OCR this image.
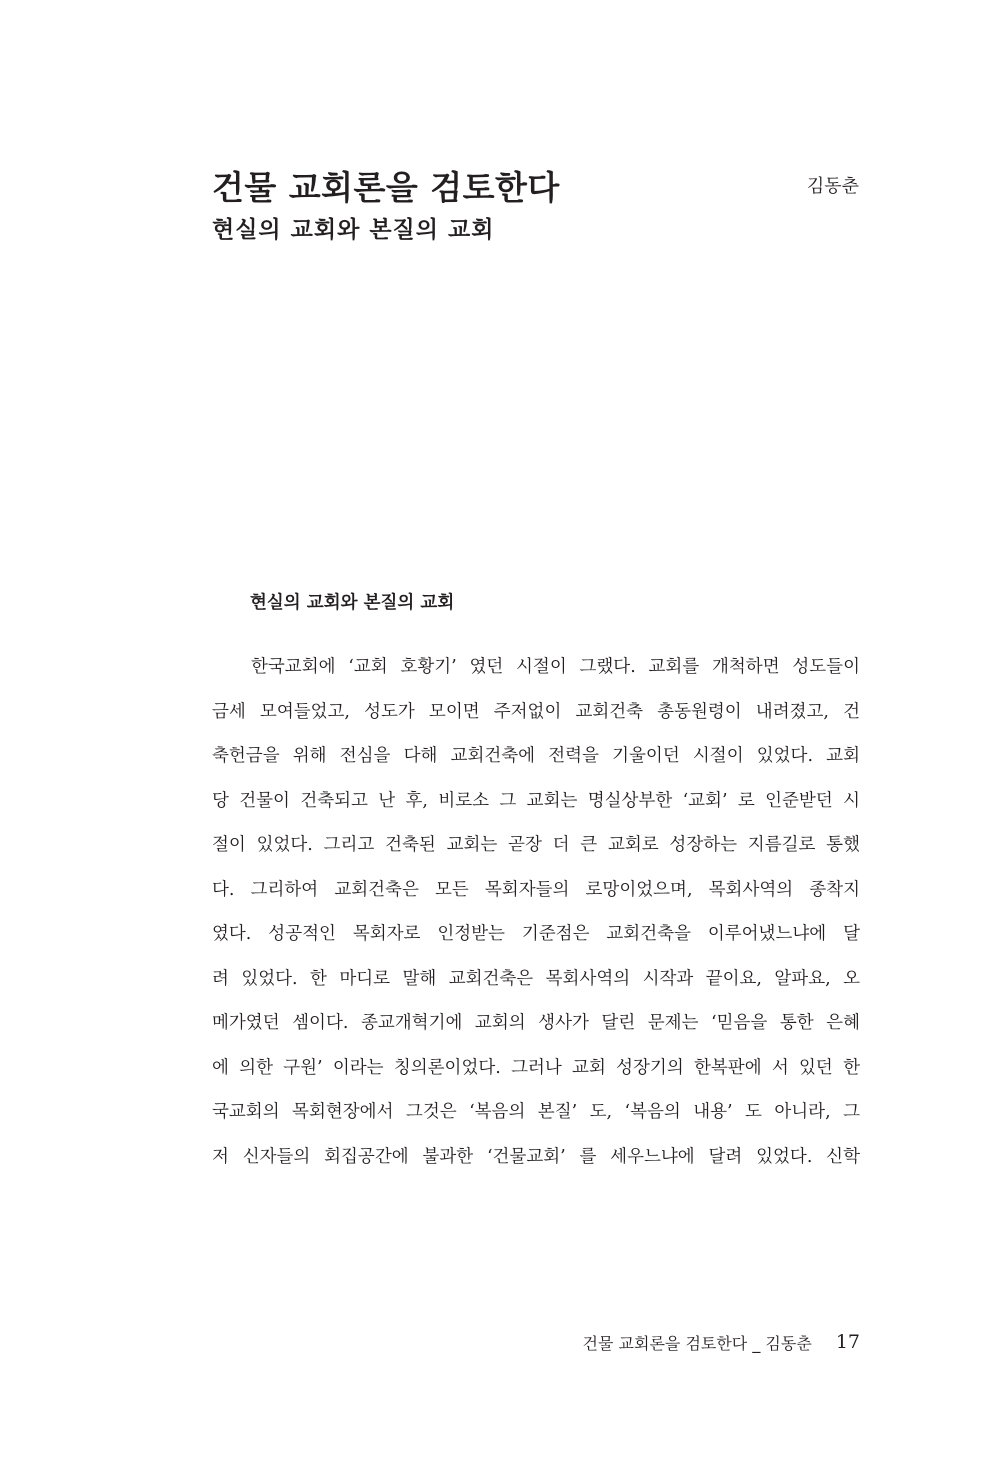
건물 교회론을 검토한다
현실의 교회와 본질의 교회
김동춘
현실의 교회와 본질의 교회
한국교회에 ‘교회 호황기’ 였던 시절이 그랬다. 교회를 개척하면 성도들이
금세 모여들었고, 성도가 모이면 주저없이 교회건축 총동원령이 내려졌고, 건
축헌금을 위해 전심을 다해 교회건축에 전력을 기울이던 시절이 있었다. 교회
당 건물이 건축되고 난 후, 비로소 그 교회는 명실상부한 ‘교회’ 로 인준받던 시
절이 있었다. 그리고 건축된 교회는 곧장 더 큰 교회로 성장하는 지름길로 통했
다. 그리하여 교회건축은 모든 목회자들의 로망이었으며, 목회사역의 종착지
였다. 성공적인 목회자로 인정받는 기준점은 교회건축을 이루어냈느냐에 달
려 있었다. 한 마디로 말해 교회건축은 목회사역의 시작과 끝이요, 알파요, 오
메가였던 셈이다. 종교개혁기에 교회의 생사가 달린 문제는 ‘믿음을 통한 은혜
에 의한 구원’ 이라는 칭의론이었다. 그러나 교회 성장기의 한복판에 서 있던 한
국교회의 목회현장에서 그것은 ‘복음의 본질’ 도, ‘복음의 내용’ 도 아니라, 그
저 신자들의 회집공간에 불과한 ‘건물교회’ 를 세우느냐에 달려 있었다. 신학
건물 교회론을 검토한다 _ 김동춘 17
